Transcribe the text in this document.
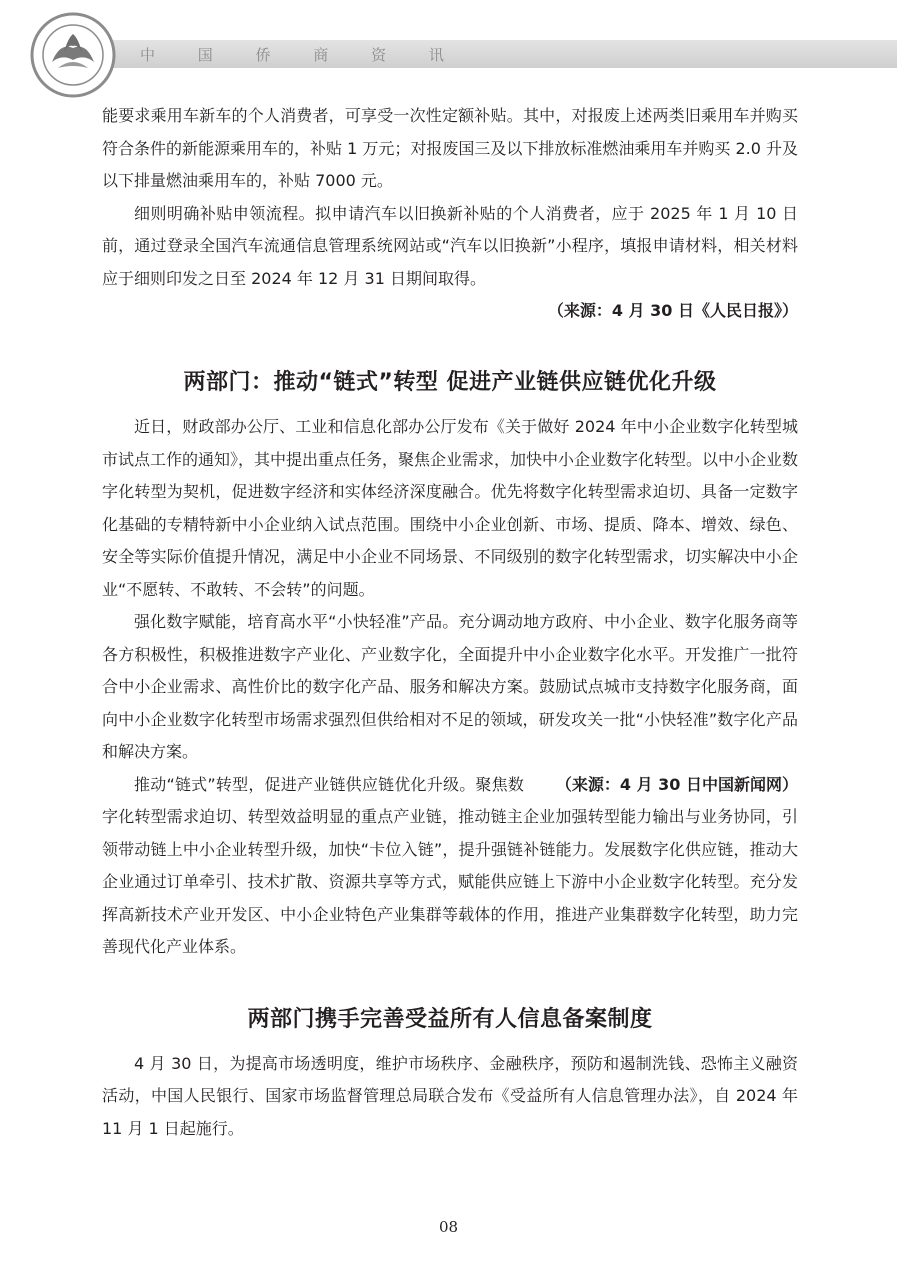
中 国 侨 商 资 讯

能要求乘用车新车的个人消费者，可享受一次性定额补贴。其中，对报废上述两类旧乘用车并购买符合条件的新能源乘用车的，补贴 1 万元；对报废国三及以下排放标准燃油乘用车并购买 2.0 升及以下排量燃油乘用车的，补贴 7000 元。

细则明确补贴申领流程。拟申请汽车以旧换新补贴的个人消费者，应于 2025 年 1 月 10 日前，通过登录全国汽车流通信息管理系统网站或“汽车以旧换新”小程序，填报申请材料，相关材料应于细则印发之日至 2024 年 12 月 31 日期间取得。

（来源：4 月 30 日《人民日报》）
两部门：推动“链式”转型 促进产业链供应链优化升级

近日，财政部办公厅、工业和信息化部办公厅发布《关于做好 2024 年中小企业数字化转型城市试点工作的通知》，其中提出重点任务，聚焦企业需求，加快中小企业数字化转型。以中小企业数字化转型为契机，促进数字经济和实体经济深度融合。优先将数字化转型需求迫切、具备一定数字化基础的专精特新中小企业纳入试点范围。围绕中小企业创新、市场、提质、降本、增效、绿色、安全等实际价值提升情况，满足中小企业不同场景、不同级别的数字化转型需求，切实解决中小企业“不愿转、不敢转、不会转”的问题。

强化数字赋能，培育高水平“小快轻准”产品。充分调动地方政府、中小企业、数字化服务商等各方积极性，积极推进数字产业化、产业数字化，全面提升中小企业数字化水平。开发推广一批符合中小企业需求、高性价比的数字化产品、服务和解决方案。鼓励试点城市支持数字化服务商，面向中小企业数字化转型市场需求强烈但供给相对不足的领域，研发攻关一批“小快轻准”数字化产品和解决方案。

（来源：4 月 30 日中国新闻网）
推动“链式”转型，促进产业链供应链优化升级。聚焦数字化转型需求迫切、转型效益明显的重点产业链，推动链主企业加强转型能力输出与业务协同，引领带动链上中小企业转型升级，加快“卡位入链”，提升强链补链能力。发展数字化供应链，推动大企业通过订单牵引、技术扩散、资源共享等方式，赋能供应链上下游中小企业数字化转型。充分发挥高新技术产业开发区、中小企业特色产业集群等载体的作用，推进产业集群数字化转型，助力完善现代化产业体系。

两部门携手完善受益所有人信息备案制度

4 月 30 日，为提高市场透明度，维护市场秩序、金融秩序，预防和遏制洗钱、恐怖主义融资活动，中国人民银行、国家市场监督管理总局联合发布《受益所有人信息管理办法》，自 2024 年 11 月 1 日起施行。

08
